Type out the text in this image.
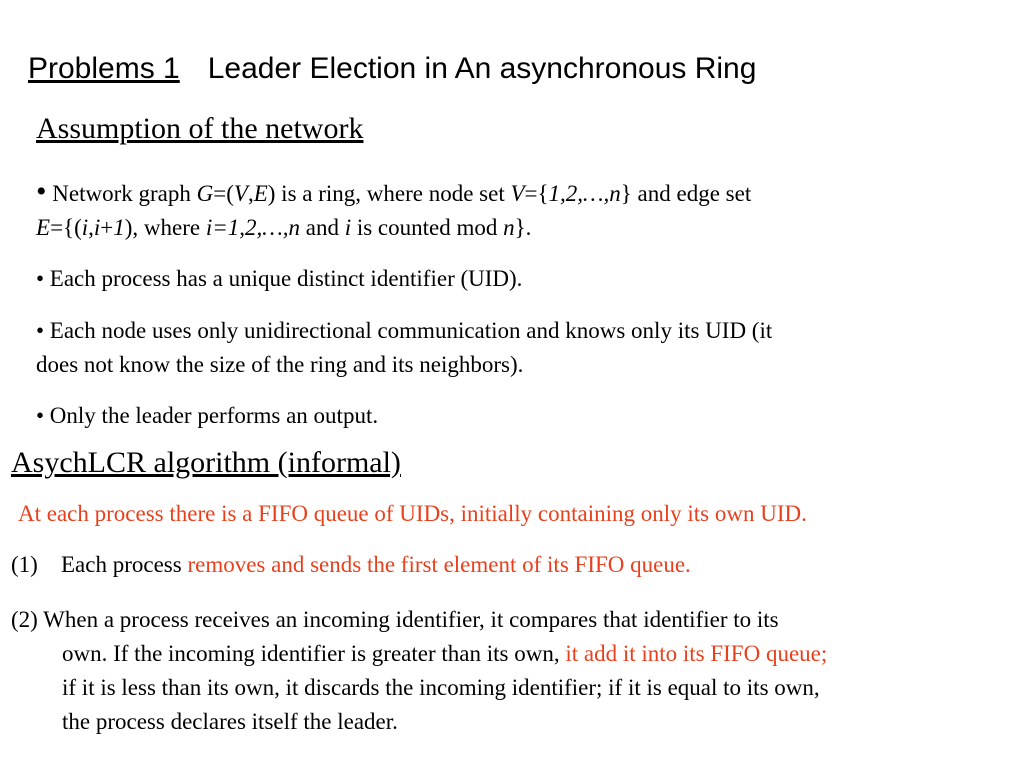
Problems 1 Leader Election in An asynchronous Ring
Assumption of the network
• Network graph G=(V,E) is a ring, where node set V={1,2,…,n} and edge set
E={(i,i+1), where i=1,2,…,n and i is counted mod n}.
• Each process has a unique distinct identifier (UID).
• Each node uses only unidirectional communication and knows only its UID (it
does not know the size of the ring and its neighbors).
• Only the leader performs an output.
AsychLCR algorithm (informal)
At each process there is a FIFO queue of UIDs, initially containing only its own UID.
(1) Each process removes and sends the first element of its FIFO queue.
(2) When a process receives an incoming identifier, it compares that identifier to its
own. If the incoming identifier is greater than its own, it add it into its FIFO queue;
if it is less than its own, it discards the incoming identifier; if it is equal to its own,
the process declares itself the leader.
